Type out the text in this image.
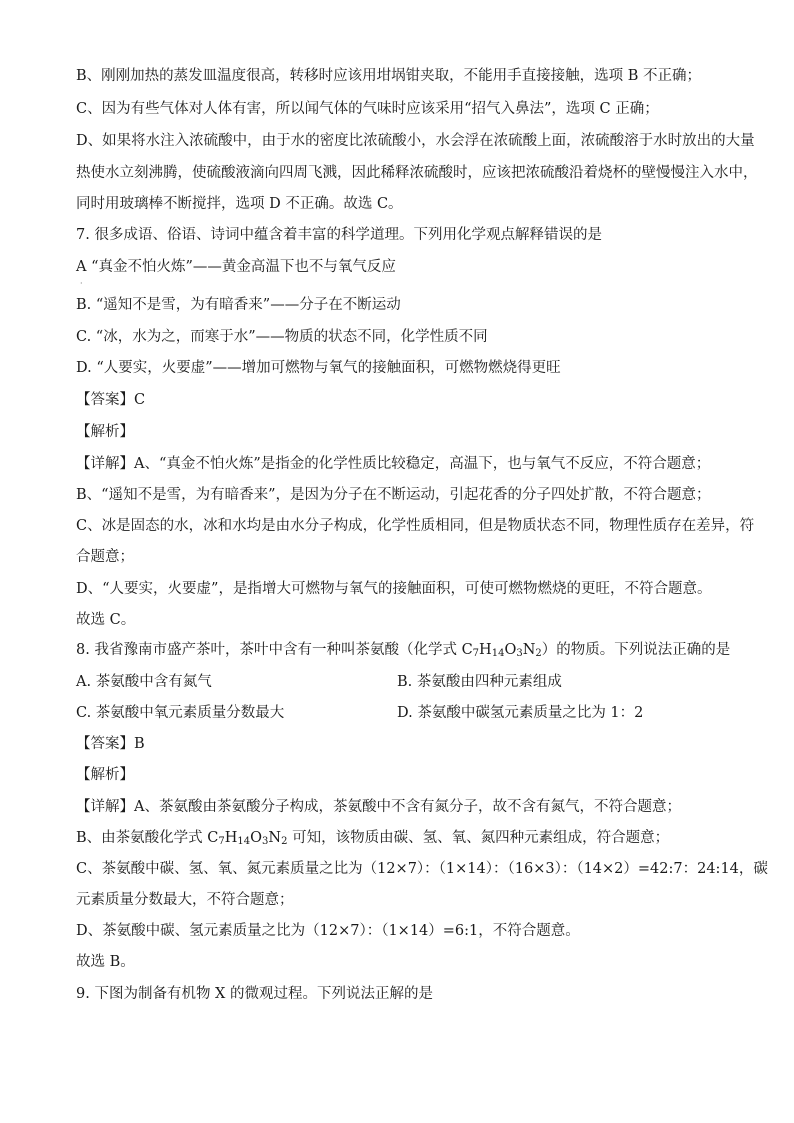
B、刚刚加热的蒸发皿温度很高，转移时应该用坩埚钳夹取，不能用手直接接触，选项 B 不正确；
C、因为有些气体对人体有害，所以闻气体的气味时应该采用“招气入鼻法”，选项 C 正确；
D、如果将水注入浓硫酸中，由于水的密度比浓硫酸小，水会浮在浓硫酸上面，浓硫酸溶于水时放出的大量
热使水立刻沸腾，使硫酸液滴向四周飞溅，因此稀释浓硫酸时，应该把浓硫酸沿着烧杯的壁慢慢注入水中，
同时用玻璃棒不断搅拌，选项 D 不正确。故选 C。
7. 很多成语、俗语、诗词中蕴含着丰富的科学道理。下列用化学观点解释错误的是
A “真金不怕火炼”——黄金高温下也不与氧气反应
·
B. “遥知不是雪，为有暗香来”——分子在不断运动
C. “冰，水为之，而寒于水”——物质的状态不同，化学性质不同
D. “人要实，火要虚”——增加可燃物与氧气的接触面积，可燃物燃烧得更旺
【答案】C
【解析】
【详解】A、“真金不怕火炼”是指金的化学性质比较稳定，高温下，也与氧气不反应，不符合题意；
B、“遥知不是雪，为有暗香来”，是因为分子在不断运动，引起花香的分子四处扩散，不符合题意；
C、冰是固态的水，冰和水均是由水分子构成，化学性质相同，但是物质状态不同，物理性质存在差异，符
合题意；
D、“人要实，火要虚”，是指增大可燃物与氧气的接触面积，可使可燃物燃烧的更旺，不符合题意。
故选 C。
8. 我省豫南市盛产茶叶，茶叶中含有一种叫茶氨酸（化学式 $C_7H_{14}O_3N_2$）的物质。下列说法正确的是
A. 茶氨酸中含有氮气	B. 茶氨酸由四种元素组成
C. 茶氨酸中氧元素质量分数最大	D. 茶氨酸中碳氢元素质量之比为 1：2
【答案】B
【解析】
【详解】A、茶氨酸由茶氨酸分子构成，茶氨酸中不含有氮分子，故不含有氮气，不符合题意；
B、由茶氨酸化学式 $C_7H_{14}O_3N_2$ 可知，该物质由碳、氢、氧、氮四种元素组成，符合题意；
C、茶氨酸中碳、氢、氧、氮元素质量之比为（12×7）：（1×14）：（16×3）：（14×2）=42:7：24:14，碳
元素质量分数最大，不符合题意；
D、茶氨酸中碳、氢元素质量之比为（12×7）：（1×14）=6:1，不符合题意。
故选 B。
9. 下图为制备有机物 X 的微观过程。下列说法正解的是
